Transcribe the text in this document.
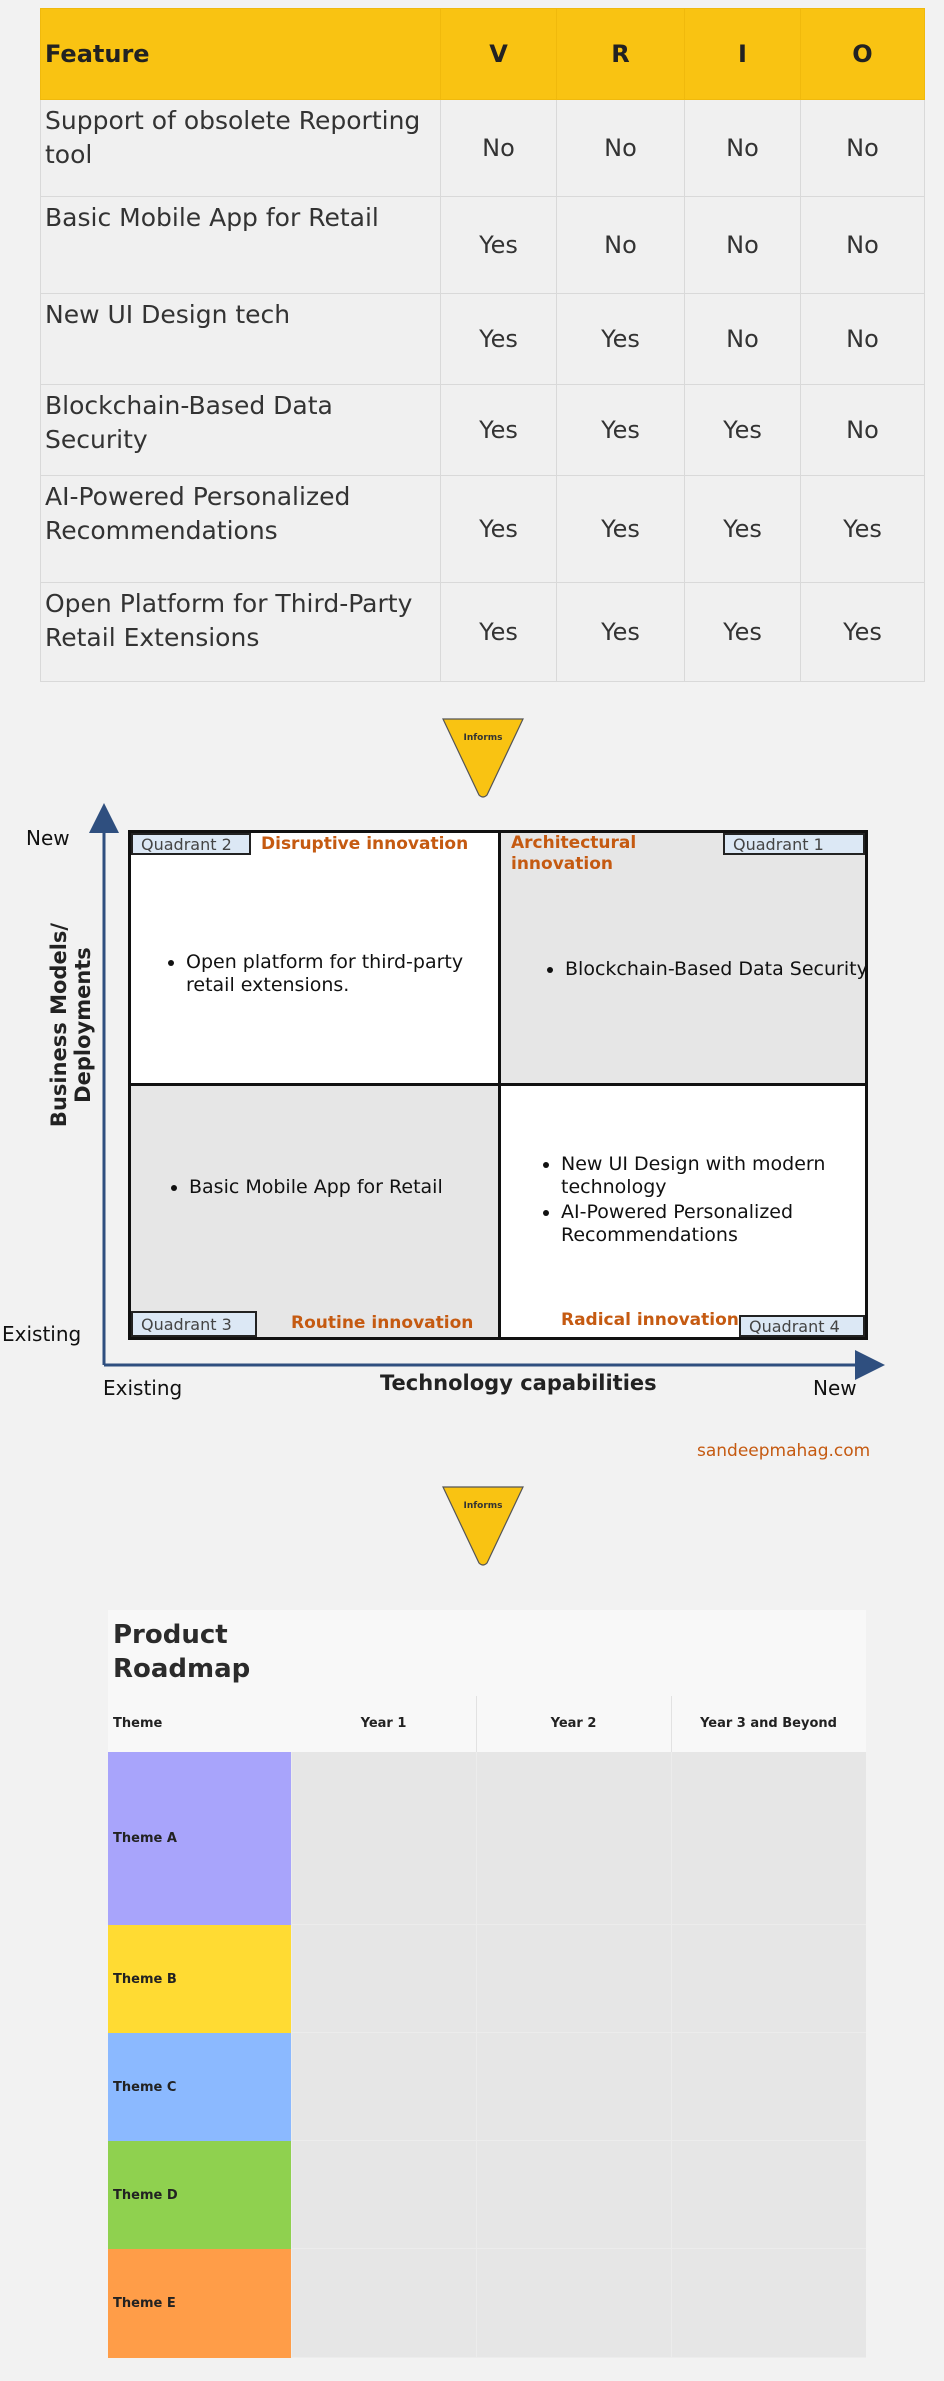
Feature	V	R	I	O
Support of obsolete Reporting tool	No	No	No	No
Basic Mobile App for Retail	Yes	No	No	No
New UI Design tech	Yes	Yes	No	No
Blockchain-Based Data Security	Yes	Yes	Yes	No
AI-Powered Personalized Recommendations	Yes	Yes	Yes	Yes
Open Platform for Third-Party Retail Extensions	Yes	Yes	Yes	Yes
Informs
New
Existing
Business Models/ Deployments
Existing	New
Technology capabilities
Quadrant 2	Disruptive innovation
• Open platform for third-party retail extensions.
Quadrant 1
Architectural innovation
• Blockchain-Based Data Security
Quadrant 3	Routine innovation
• Basic Mobile App for Retail
Quadrant 4
Radical innovation
• New UI Design with modern technology
• AI-Powered Personalized Recommendations
sandeepmahag.com
Informs
Product Roadmap
Theme	Year 1	Year 2	Year 3 and Beyond
Theme A
Theme B
Theme C
Theme D
Theme E
